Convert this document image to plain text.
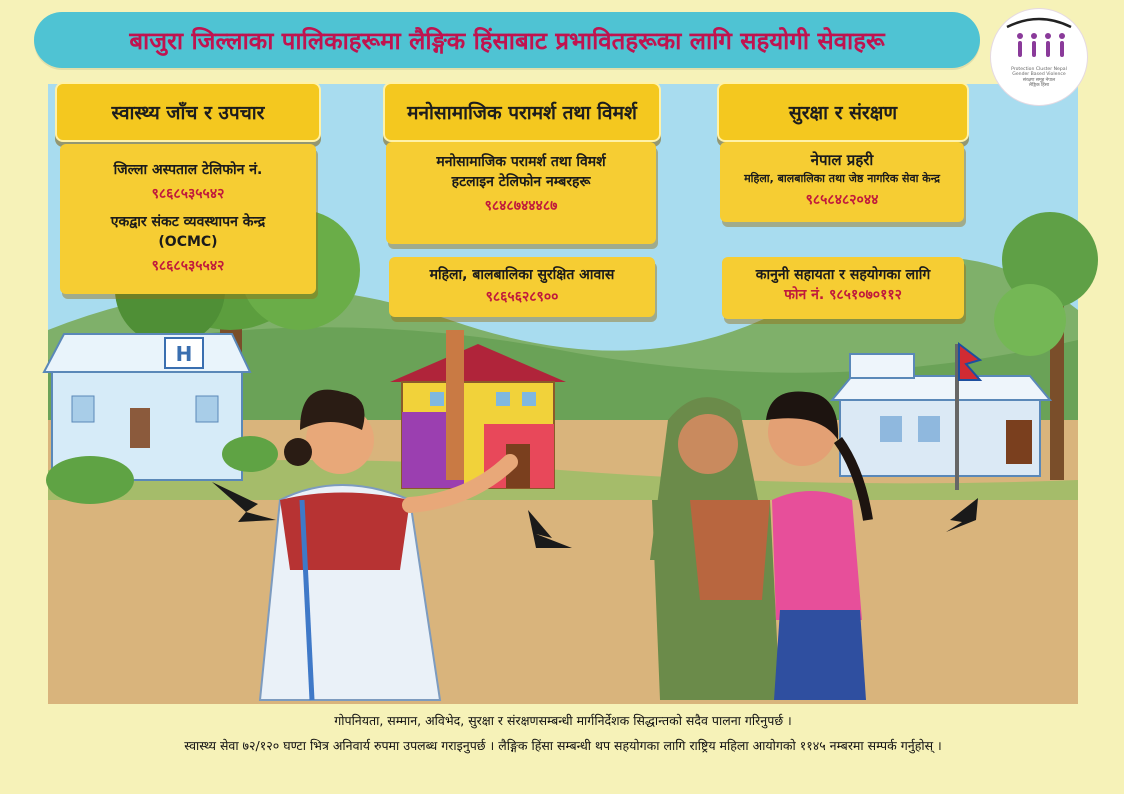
H
बाजुरा जिल्लाका पालिकाहरूमा लैङ्गिक हिंसाबाट प्रभावितहरूका लागि सहयोगी सेवाहरू
Protection Cluster Nepal
Gender Based Violence
संरक्षण समूह नेपाल
लैङ्गिक हिंसा
स्वास्थ्य जाँच र उपचार	मनोसामाजिक परामर्श तथा विमर्श	सुरक्षा र संरक्षण
जिल्ला अस्पताल टेलिफोन नं.
९८६८५३५५४२
एकद्वार संकट व्यवस्थापन केन्द्र
(OCMC)
९८६८५३५५४२
मनोसामाजिक परामर्श तथा विमर्श
हटलाइन टेलिफोन नम्बरहरू
९८४८७४४४८७
महिला, बालबालिका सुरक्षित आवास
९८६५६२८९००
नेपाल प्रहरी
महिला, बालबालिका तथा जेष्ठ नागरिक सेवा केन्द्र
९८५८४८२०४४
कानुनी सहायता र सहयोगका लागि
फोन नं. ९८५१०७०११२
गोपनियता, सम्मान, अविभेद, सुरक्षा र संरक्षणसम्बन्धी मार्गनिर्देशक सिद्धान्तको सदैव पालना गरिनुपर्छ ।
स्वास्थ्य सेवा ७२/१२० घण्टा भित्र अनिवार्य रुपमा उपलब्ध गराइनुपर्छ । लैङ्गिक हिंसा सम्बन्धी थप सहयोगका लागि राष्ट्रिय महिला आयोगको ११४५ नम्बरमा सम्पर्क गर्नुहोस् ।
